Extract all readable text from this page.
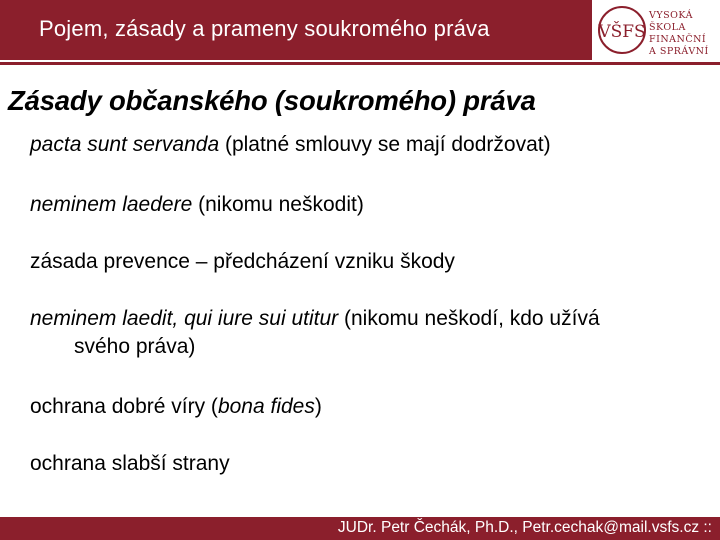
Pojem, zásady a prameny soukromého práva	VŠFS
VYSOKÁ ŠKOLA
FINANČNÍ
A SPRÁVNÍ
Zásady občanského (soukromého) práva
pacta sunt servanda (platné smlouvy se mají dodržovat)
neminem laedere (nikomu neškodit)
zásada prevence – předcházení vzniku škody
neminem laedit, qui iure sui utitur (nikomu neškodí, kdo užívá
svého práva)
ochrana dobré víry (bona fides)
ochrana slabší strany
JUDr. Petr Čechák, Ph.D., Petr.cechak@mail.vsfs.cz ::
